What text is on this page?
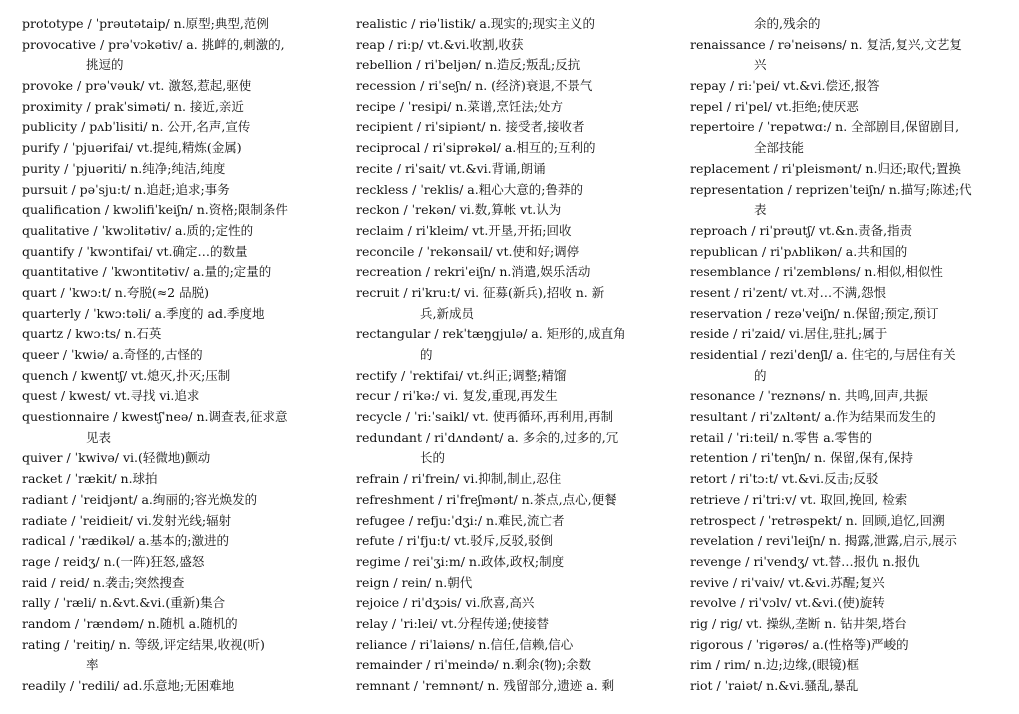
prototype / ˈprəutətaip/ n.原型;典型,范例
provocative / prəˈvɔkətiv/ a. 挑衅的,刺激的,
挑逗的
provoke / prəˈvəuk/ vt. 激怒,惹起,驱使
proximity / prakˈsiməti/ n. 接近,亲近
publicity / pʌbˈlisiti/ n. 公开,名声,宣传
purify / ˈpjuərifai/ vt.提纯,精炼(金属)
purity / ˈpjuəriti/ n.纯净;纯洁,纯度
pursuit / pəˈsju:t/ n.追赶;追求;事务
qualification / kwɔlifiˈkeiʃn/ n.资格;限制条件
qualitative / ˈkwɔlitətiv/ a.质的;定性的
quantify / ˈkwɔntifai/ vt.确定…的数量
quantitative / ˈkwɔntitətiv/ a.量的;定量的
quart / ˈkwɔ:t/ n.夸脱(≈2 品脱)
quarterly / ˈkwɔ:təli/ a.季度的 ad.季度地
quartz / kwɔ:ts/ n.石英
queer / ˈkwiə/ a.奇怪的,古怪的
quench / kwentʃ/ vt.熄灭,扑灭;压制
quest / kwest/ vt.寻找 vi.追求
questionnaire / kwestʃˈneə/ n.调查表,征求意
见表
quiver / ˈkwivə/ vi.(轻微地)颤动
racket / ˈrækit/ n.球拍
radiant / ˈreidjənt/ a.绚丽的;容光焕发的
radiate / ˈreidieit/ vi.发射光线;辐射
radical / ˈrædikəl/ a.基本的;激进的
rage / reidʒ/ n.(一阵)狂怒,盛怒
raid / reid/ n.袭击;突然搜查
rally / ˈræli/ n.&vt.&vi.(重新)集合
random / ˈrændəm/ n.随机 a.随机的
rating / ˈreitiŋ/ n. 等级,评定结果,收视(听)
率
readily / ˈredili/ ad.乐意地;无困难地
realistic / riəˈlistik/ a.现实的;现实主义的
reap / ri:p/ vt.&vi.收割,收获
rebellion / riˈbeljən/ n.造反;叛乱;反抗
recession / riˈseʃn/ n. (经济)衰退,不景气
recipe / ˈresipi/ n.菜谱,烹饪法;处方
recipient / riˈsipiənt/ n. 接受者,接收者
reciprocal / riˈsiprəkəl/ a.相互的;互利的
recite / riˈsait/ vt.&vi.背诵,朗诵
reckless / ˈreklis/ a.粗心大意的;鲁莽的
reckon / ˈrekən/ vi.数,算帐 vt.认为
reclaim / riˈkleim/ vt.开垦,开拓;回收
reconcile / ˈrekənsail/ vt.使和好;调停
recreation / rekriˈeiʃn/ n.消遣,娱乐活动
recruit / riˈkru:t/ vi. 征募(新兵),招收 n. 新
兵,新成员
rectangular / rekˈtæŋgjulə/ a. 矩形的,成直角
的
rectify / ˈrektifai/ vt.纠正;调整;精馏
recur / riˈkə:/ vi. 复发,重现,再发生
recycle / ˈri:ˈsaikl/ vt. 使再循环,再利用,再制
redundant / riˈdʌndənt/ a. 多余的,过多的,冗
长的
refrain / riˈfrein/ vi.抑制,制止,忍住
refreshment / riˈfreʃmənt/ n.茶点,点心,便餐
refugee / refju:ˈdʒi:/ n.难民,流亡者
refute / riˈfju:t/ vt.驳斥,反驳,驳倒
regime / reiˈʒi:m/ n.政体,政权;制度
reign / rein/ n.朝代
rejoice / riˈdʒɔis/ vi.欣喜,高兴
relay / ˈri:lei/ vt.分程传递;使接替
reliance / riˈlaiəns/ n.信任,信赖,信心
remainder / riˈmeində/ n.剩余(物);余数
remnant / ˈremnənt/ n. 残留部分,遗迹 a. 剩
余的,残余的
renaissance / rəˈneisəns/ n. 复活,复兴,文艺复
兴
repay / ri:ˈpei/ vt.&vi.偿还,报答
repel / riˈpel/ vt.拒绝;使厌恶
repertoire / ˈrepətwɑ:/ n. 全部剧目,保留剧目,
全部技能
replacement / riˈpleismənt/ n.归还;取代;置换
representation / reprizenˈteiʃn/ n.描写;陈述;代
表
reproach / riˈprəutʃ/ vt.&n.责备,指责
republican / riˈpʌblikən/ a.共和国的
resemblance / riˈzembləns/ n.相似,相似性
resent / riˈzent/ vt.对…不满,怨恨
reservation / rezəˈveiʃn/ n.保留;预定,预订
reside / riˈzaid/ vi.居住,驻扎;属于
residential / reziˈdenʃl/ a. 住宅的,与居住有关
的
resonance / ˈreznəns/ n. 共鸣,回声,共振
resultant / riˈzʌltənt/ a.作为结果而发生的
retail / ˈri:teil/ n.零售 a.零售的
retention / riˈtenʃn/ n. 保留,保有,保持
retort / riˈtɔ:t/ vt.&vi.反击;反驳
retrieve / riˈtri:v/ vt. 取回,挽回, 检索
retrospect / ˈretrəspekt/ n. 回顾,追忆,回溯
revelation / reviˈleiʃn/ n. 揭露,泄露,启示,展示
revenge / riˈvendʒ/ vt.替…报仇 n.报仇
revive / riˈvaiv/ vt.&vi.苏醒;复兴
revolve / riˈvɔlv/ vt.&vi.(使)旋转
rig / rig/ vt. 操纵,垄断 n. 钻井架,塔台
rigorous / ˈrigərəs/ a.(性格等)严峻的
rim / rim/ n.边;边缘,(眼镜)框
riot / ˈraiət/ n.&vi.骚乱,暴乱
